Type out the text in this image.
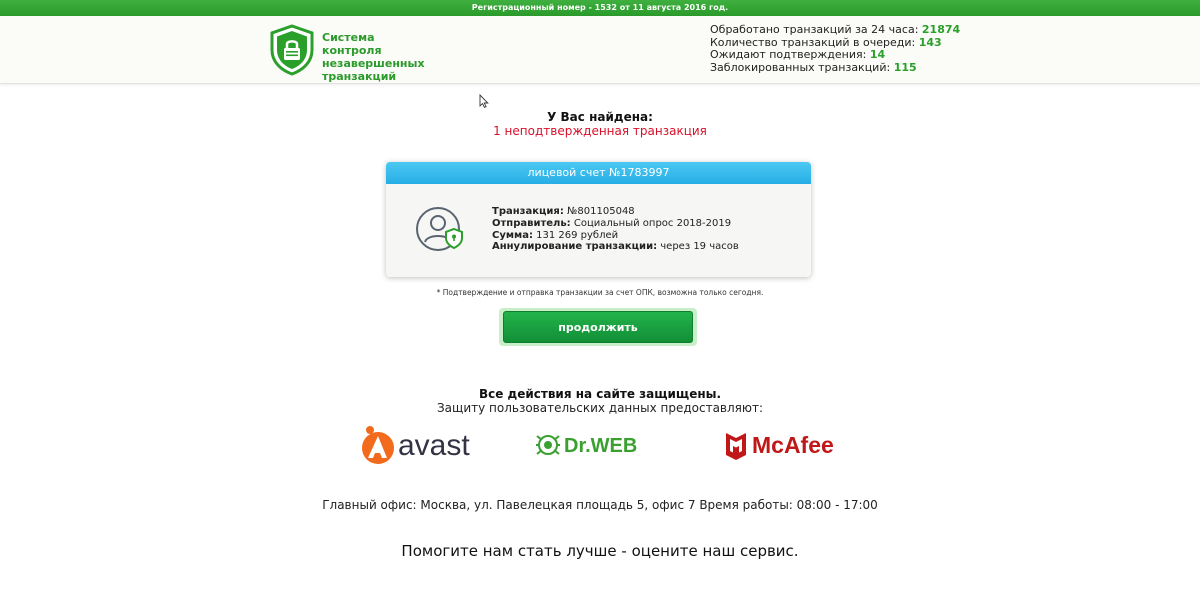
Регистрационный номер - 1532 от 11 августа 2016 год.
Система контроля незавершенных транзакций
Обработано транзакций за 24 часа: 21874
Количество транзакций в очереди: 143
Ожидают подтверждения: 14
Заблокированных транзакций: 115
У Вас найдена:
1 неподтвержденная транзакция
лицевой счет №1783997
Транзакция: №801105048
Отправитель: Социальный опрос 2018-2019
Сумма: 131 269 рублей
Аннулирование транзакции: через 19 часов
* Подтверждение и отправка транзакции за счет ОПК, возможна только сегодня.
продолжить
Все действия на сайте защищены.
Защиту пользовательских данных предоставляют:
avast	Dr.WEB	McAfee
Главный офис: Москва, ул. Павелецкая площадь 5, офис 7 Время работы: 08:00 - 17:00
Помогите нам стать лучше - оцените наш сервис.
